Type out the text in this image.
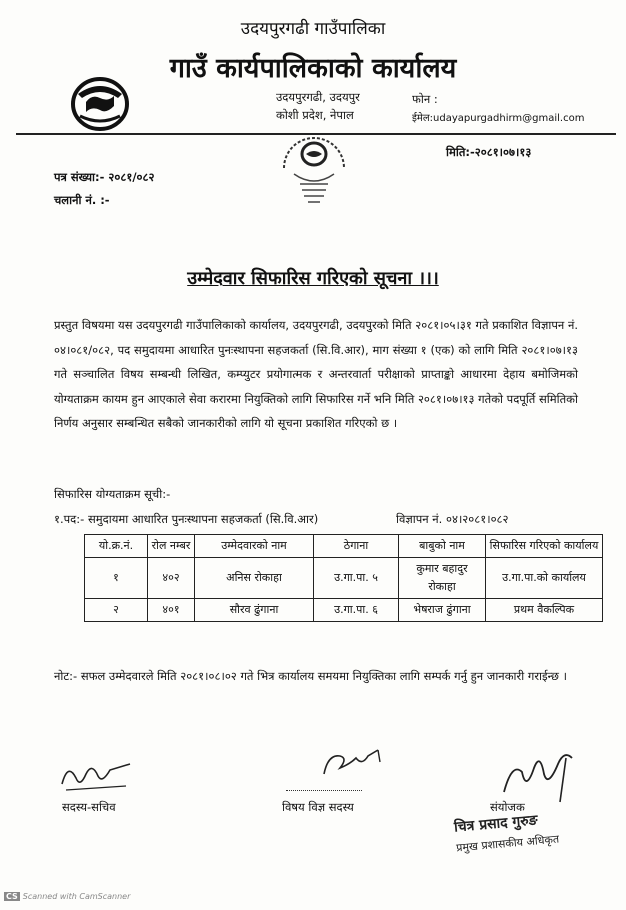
उदयपुरगढी गाउँपालिका
गाउँ कार्यपालिकाको कार्यालय
उदयपुरगढी, उदयपुर
कोशी प्रदेश, नेपाल
फोन :
ईमेल:udayapurgadhirm@gmail.com
मिति:-२०८१।०७।१३
पत्र संख्या:- २०८१/०८२
चलानी नं. :-
उम्मेदवार सिफारिस गरिएको सूचना ।।।
प्रस्तुत विषयमा यस उदयपुरगढी गाउँपालिकाको कार्यालय, उदयपुरगढी, उदयपुरको मिति २०८१।०५।३१ गते प्रकाशित विज्ञापन नं. ०४।०८१/०८२, पद समुदायमा आधारित पुनःस्थापना सहजकर्ता (सि.वि.आर), माग संख्या १ (एक) को लागि मिति २०८१।०७।१३ गते सञ्चालित विषय सम्बन्धी लिखित, कम्प्युटर प्रयोगात्मक र अन्तरवार्ता परीक्षाको प्राप्ताङ्को आधारमा देहाय बमोजिमको योग्यताक्रम कायम हुन आएकाले सेवा करारमा नियुक्तिको लागि सिफारिस गर्ने भनि मिति २०८१।०७।१३ गतेको पदपूर्ति समितिको निर्णय अनुसार सम्बन्धित सबैको जानकारीको लागि यो सूचना प्रकाशित गरिएको छ ।
सिफारिस योग्यताक्रम सूची:-
१.पद:- समुदायमा आधारित पुनःस्थापना सहजकर्ता (सि.वि.आर)	विज्ञापन नं. ०४।२०८१।०८२
यो.क्र.नं.	रोल नम्बर	उम्मेदवारको नाम	ठेगाना	बाबुको नाम	सिफारिस गरिएको कार्यालय
१	४०२	अनिस रोकाहा	उ.गा.पा. ५	कुमार बहादुर रोकाहा	उ.गा.पा.को कार्यालय
२	४०१	सौरव ढुंगाना	उ.गा.पा. ६	भेषराज ढुंगाना	प्रथम वैकल्पिक
नोट:- सफल उम्मेदवारले मिति २०८१।०८।०२ गते भित्र कार्यालय समयमा नियुक्तिका लागि सम्पर्क गर्नु हुन जानकारी गराईन्छ ।
सदस्य-सचिव	विषय विज्ञ सदस्य	संयोजक
चित्र प्रसाद गुरुङ
प्रमुख प्रशासकीय अधिकृत
CS Scanned with CamScanner
